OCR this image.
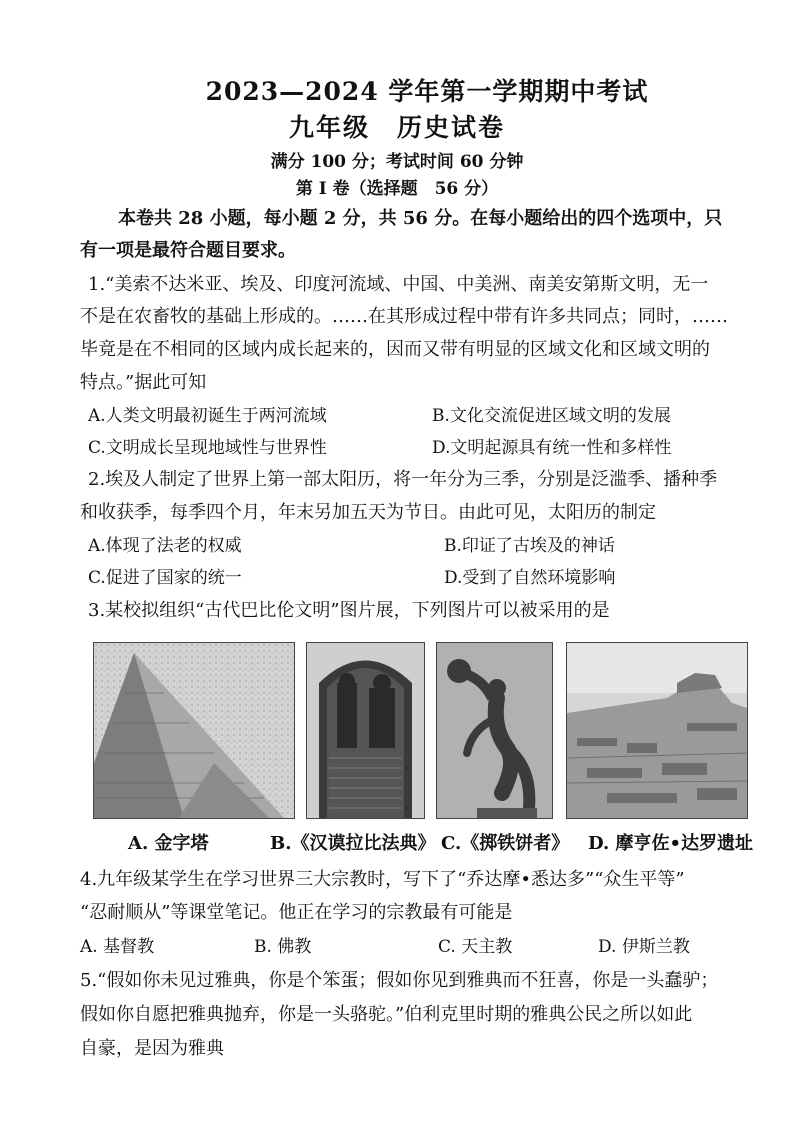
2023—2024 学年第一学期期中考试
九年级　历史试卷
满分 100 分；考试时间 60 分钟
第 I 卷（选择题　56 分）
本卷共 28 小题，每小题 2 分，共 56 分。在每小题给出的四个选项中，只
有一项是最符合题目要求。
1.“美索不达米亚、埃及、印度河流域、中国、中美洲、南美安第斯文明，无一
不是在农畜牧的基础上形成的。……在其形成过程中带有许多共同点；同时，……
毕竟是在不相同的区域内成长起来的，因而又带有明显的区域文化和区域文明的
特点。”据此可知
A.人类文明最初诞生于两河流域	B.文化交流促进区域文明的发展
C.文明成长呈现地域性与世界性	D.文明起源具有统一性和多样性
2.埃及人制定了世界上第一部太阳历，将一年分为三季，分别是泛滥季、播种季
和收获季，每季四个月，年末另加五天为节日。由此可见，太阳历的制定
A.体现了法老的权威	B.印证了古埃及的神话
C.促进了国家的统一	D.受到了自然环境影响
3.某校拟组织“古代巴比伦文明”图片展，下列图片可以被采用的是
A. 金字塔	B.《汉谟拉比法典》 C.《掷铁饼者》 D. 摩亨佐•达罗遗址
4.九年级某学生在学习世界三大宗教时，写下了“乔达摩•悉达多”“众生平等”
“忍耐顺从”等课堂笔记。他正在学习的宗教最有可能是
A. 基督教	B. 佛教	C. 天主教	D. 伊斯兰教
5.“假如你未见过雅典，你是个笨蛋；假如你见到雅典而不狂喜，你是一头蠢驴；
假如你自愿把雅典抛弃，你是一头骆驼。”伯利克里时期的雅典公民之所以如此
自豪，是因为雅典
